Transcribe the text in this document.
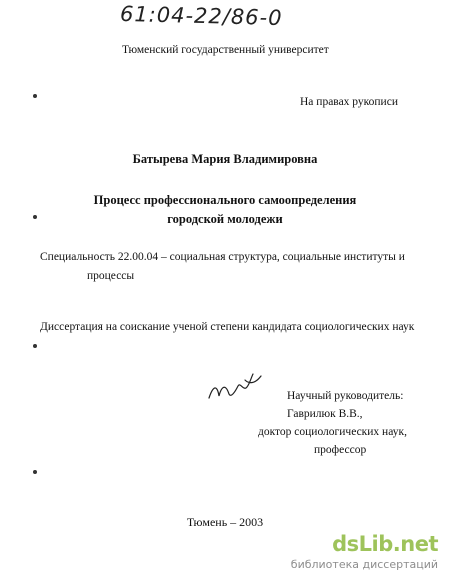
61:04-22/86-0
Тюменский государственный университет
На правах рукописи
Батырева Мария Владимировна
Процесс профессионального самоопределения
городской молодежи
Специальность 22.00.04 – социальная структура, социальные институты и
процессы
Диссертация на соискание ученой степени кандидата социологических наук
Научный руководитель:
Гаврилюк В.В.,
доктор социологических наук,
профессор
Тюмень – 2003
dsLib.net
библиотека диссертаций
